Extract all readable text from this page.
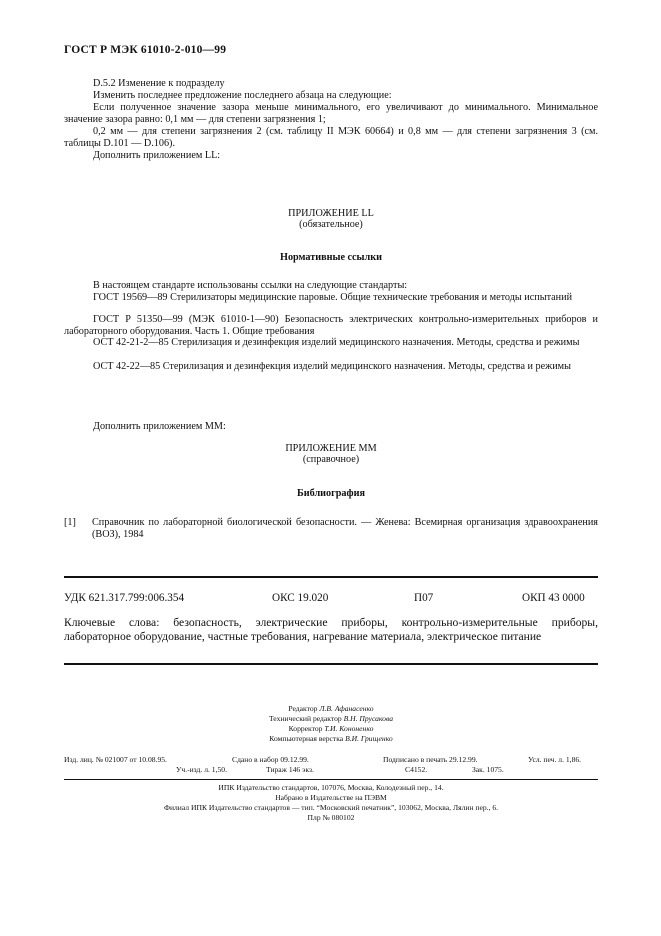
ГОСТ Р МЭК 61010-2-010—99
D.5.2 Изменение к подразделу
Изменить последнее предложение последнего абзаца на следующие:
Если полученное значение зазора меньше минимального, его увеличивают до минимального. Минимальное значение зазора равно: 0,1 мм — для степени загрязнения 1;
0,2 мм — для степени загрязнения 2 (см. таблицу II МЭК 60664) и 0,8 мм — для степени загрязнения 3 (см. таблицы D.101 — D.106).
Дополнить приложением LL:
ПРИЛОЖЕНИЕ LL
(обязательное)
Нормативные ссылки
В настоящем стандарте использованы ссылки на следующие стандарты:
ГОСТ 19569—89 Стерилизаторы медицинские паровые. Общие технические требования и методы испытаний
ГОСТ Р 51350—99 (МЭК 61010-1—90) Безопасность электрических контрольно-измерительных приборов и лабораторного оборудования. Часть 1. Общие требования
ОСТ 42-21-2—85 Стерилизация и дезинфекция изделий медицинского назначения. Методы, средства и режимы
ОСТ 42-22—85 Стерилизация и дезинфекция изделий медицинского назначения. Методы, средства и режимы
Дополнить приложением MM:
ПРИЛОЖЕНИЕ MM
(справочное)
Библиография
[1] Справочник по лабораторной биологической безопасности. — Женева: Всемирная организация здравоохранения (ВОЗ), 1984
УДК 621.317.799:006.354	ОКС 19.020	П07	ОКП 43 0000
Ключевые слова: безопасность, электрические приборы, контрольно-измерительные приборы, лабораторное оборудование, частные требования, нагревание материала, электрическое питание
Редактор Л.В. Афанасенко
Технический редактор В.Н. Прусакова
Корректор Т.И. Кононенко
Компьютерная верстка В.И. Грищенко
Изд. лиц. № 021007 от 10.08.95.	Сдано в набор 09.12.99.	Подписано в печать 29.12.99.	Усл. печ. л. 1,86.
Уч.-изд. л. 1,50.	Тираж 146 экз.	С4152.	Зак. 1075.
ИПК Издательство стандартов, 107076, Москва, Колодезный пер., 14.
Набрано в Издательстве на ПЭВМ
Филиал ИПК Издательство стандартов — тип. “Московский печатник”, 103062, Москва, Лялин пер., 6.
Плр № 080102
